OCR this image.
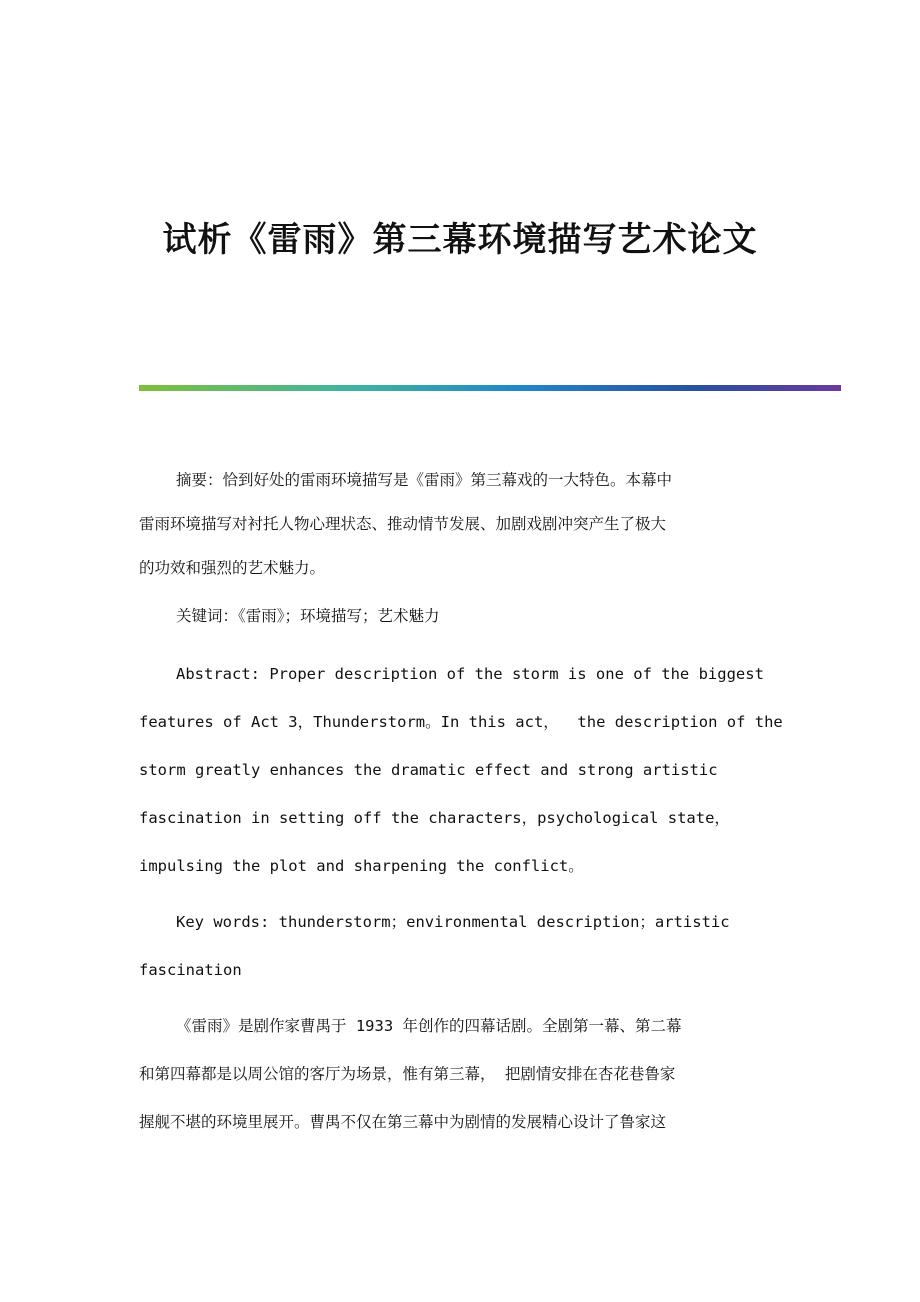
试析《雷雨》第三幕环境描写艺术论文

摘要：恰到好处的雷雨环境描写是《雷雨》第三幕戏的一大特色。本幕中
雷雨环境描写对衬托人物心理状态、推动情节发展、加剧戏剧冲突产生了极大
的功效和强烈的艺术魅力。

关键词：《雷雨》；环境描写；艺术魅力

Abstract: Proper description of the storm is one of the biggest
features of Act 3，Thunderstorm。In this act，  the description of the
storm greatly enhances the dramatic effect and strong artistic
fascination in setting off the characters，psychological state，
impulsing the plot and sharpening the conflict。

Key words: thunderstorm；environmental description；artistic
fascination

《雷雨》是剧作家曹禺于 1933 年创作的四幕话剧。全剧第一幕、第二幕
和第四幕都是以周公馆的客厅为场景，惟有第三幕， 把剧情安排在杏花巷鲁家
握舰不堪的环境里展开。曹禺不仅在第三幕中为剧情的发展精心设计了鲁家这
